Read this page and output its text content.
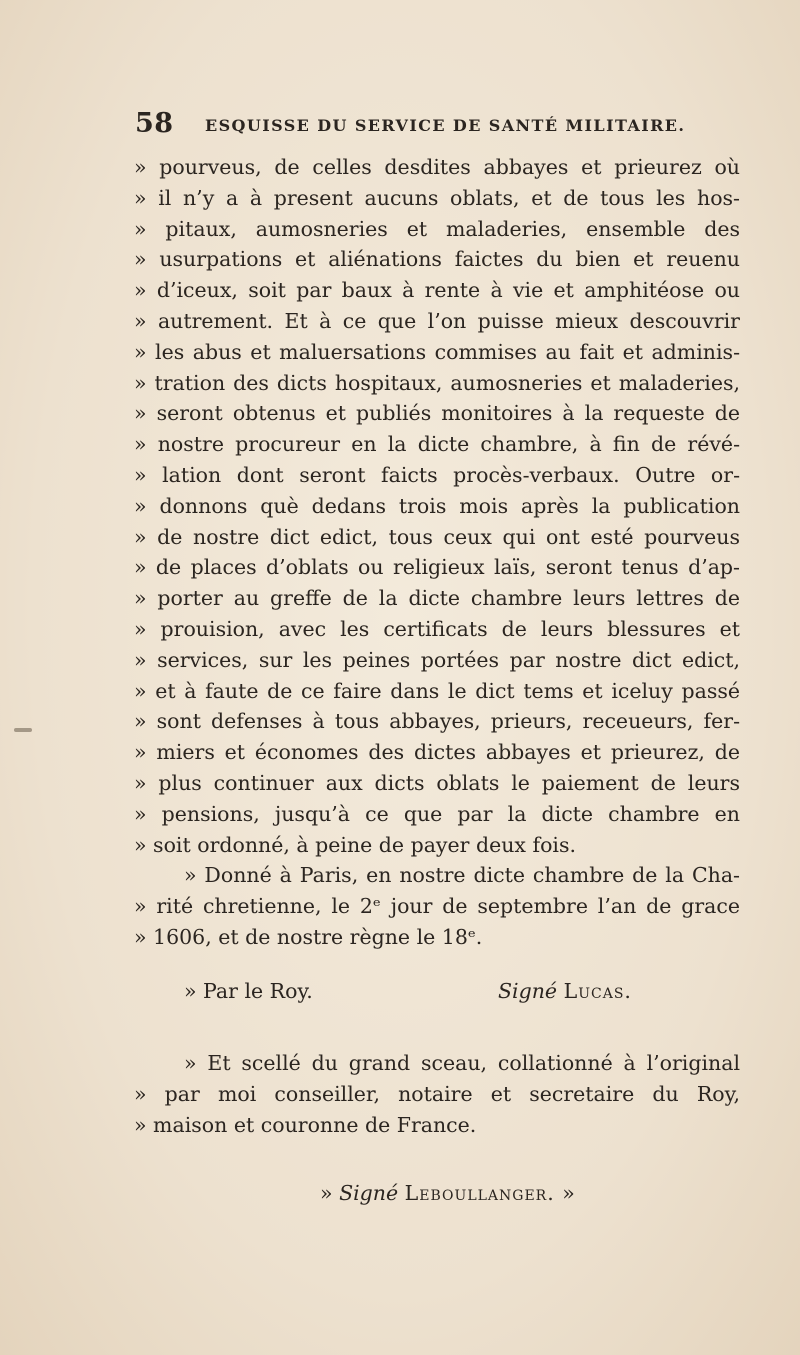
58 ESQUISSE DU SERVICE DE SANTÉ MILITAIRE.
» pourveus, de celles desdites abbayes et prieurez où
» il n’y a à present aucuns oblats, et de tous les hos-
» pitaux, aumosneries et maladeries, ensemble des
» usurpations et aliénations faictes du bien et reuenu
» d’iceux, soit par baux à rente à vie et amphitéose ou
» autrement. Et à ce que l’on puisse mieux descouvrir
» les abus et maluersations commises au fait et adminis-
» tration des dicts hospitaux, aumosneries et maladeries,
» seront obtenus et publiés monitoires à la requeste de
» nostre procureur en la dicte chambre, à fin de révé-
» lation dont seront faicts procès-verbaux. Outre or-
» donnons què dedans trois mois après la publication
» de nostre dict edict, tous ceux qui ont esté pourveus
» de places d’oblats ou religieux laïs, seront tenus d’ap-
» porter au greffe de la dicte chambre leurs lettres de
» prouision, avec les certificats de leurs blessures et
» services, sur les peines portées par nostre dict edict,
» et à faute de ce faire dans le dict tems et iceluy passé
» sont defenses à tous abbayes, prieurs, receueurs, fer-
» miers et économes des dictes abbayes et prieurez, de
» plus continuer aux dicts oblats le paiement de leurs
» pensions, jusqu’à ce que par la dicte chambre en
» soit ordonné, à peine de payer deux fois.
» Donné à Paris, en nostre dicte chambre de la Cha-
» rité chretienne, le 2ᵉ jour de septembre l’an de grace
» 1606, et de nostre règne le 18ᵉ.
» Par le Roy.	Signé Lucas.
» Et scellé du grand sceau, collationné à l’original
» par moi conseiller, notaire et secretaire du Roy,
» maison et couronne de France.
» Signé Leboullanger. »
